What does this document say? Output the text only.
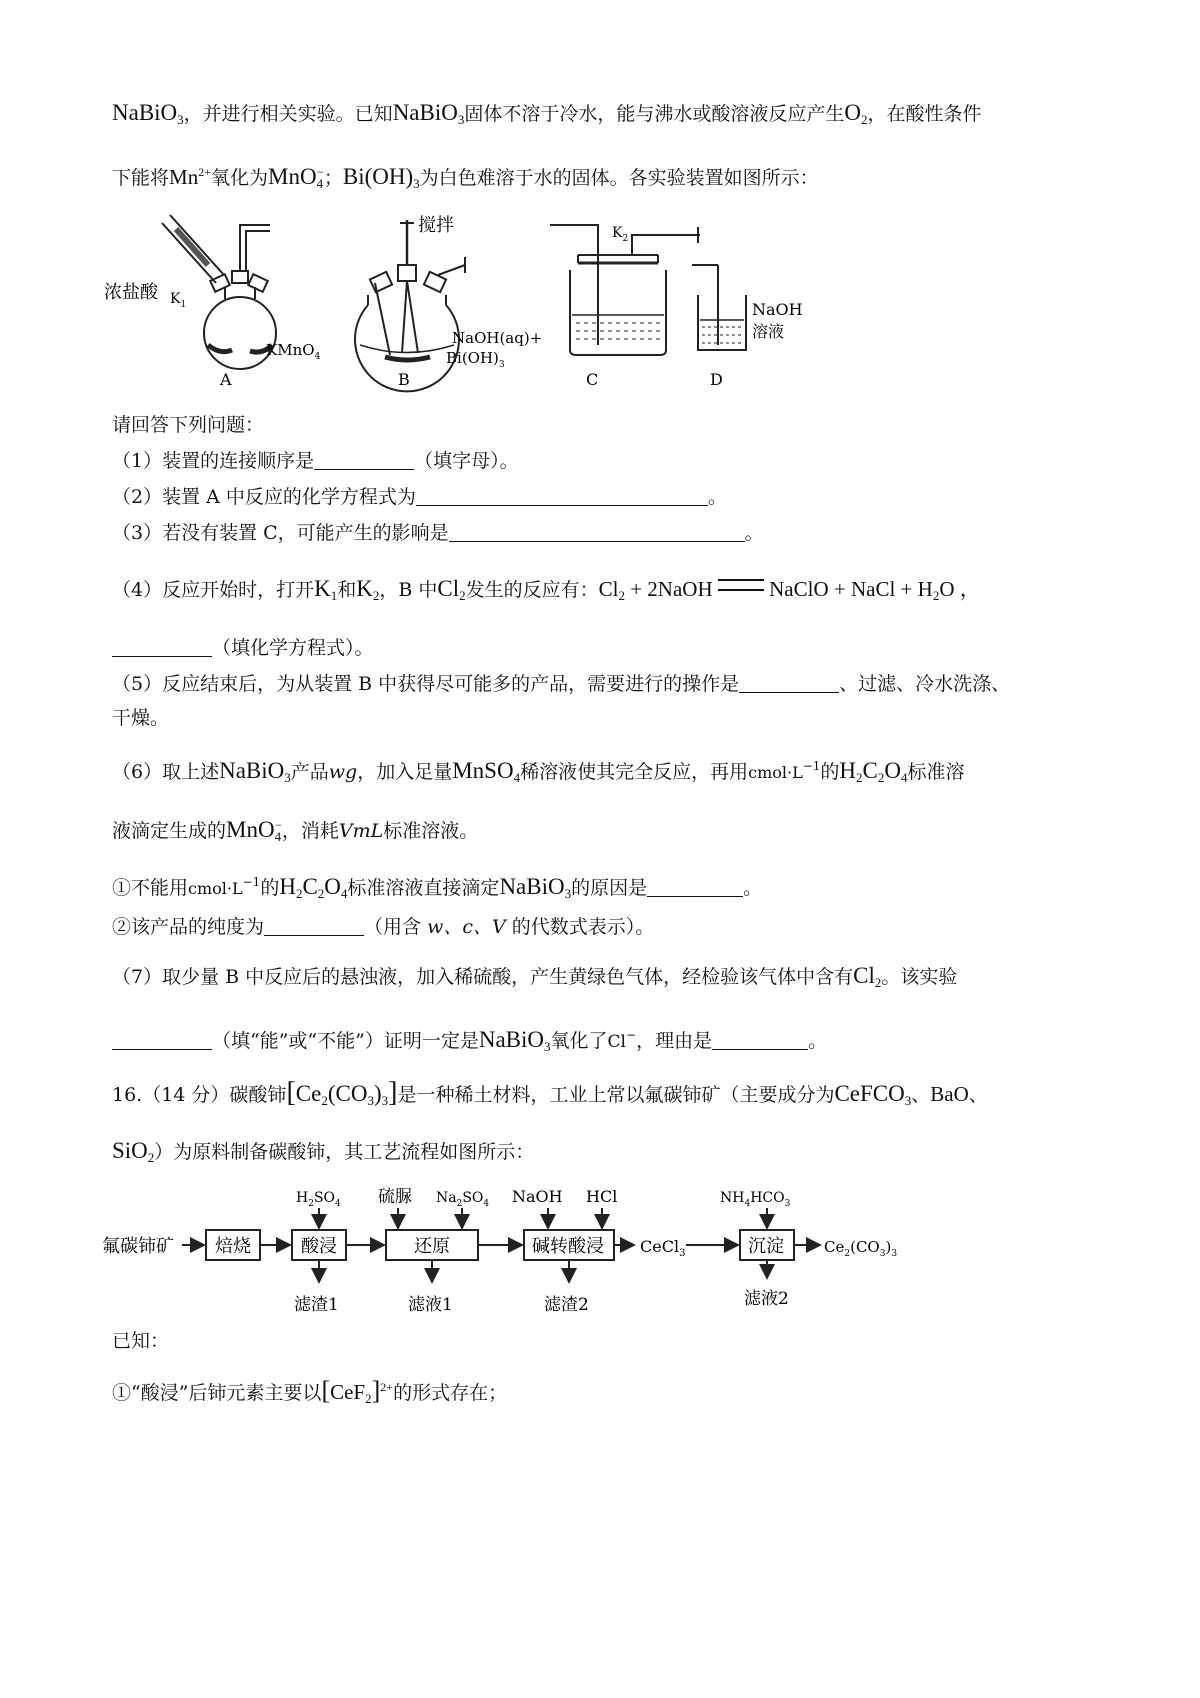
NaBiO$_3$，并进行相关实验。已知NaBiO$_3$固体不溶于冷水，能与沸水或酸溶液反应产生$O_2$，在酸性条件
下能将$Mn^{2+}$氧化为MnO$_4$−；$Bi(OH)_3$为白色难溶于水的固体。各实验装置如图所示：
浓盐酸 $K_1$
KMnO$_4$
A
搅拌
NaOH(aq)+
$Bi(OH)_3$
B
$K_2$
C
NaOH
溶液
D
请回答下列问题：
（1）装置的连接顺序是	（填字母）。
（2）装置 A 中反应的化学方程式为	。
（3）若没有装置 C，可能产生的影响是	。
（4）反应开始时，打开$K_1$和$K_2$，B 中$Cl_2$发生的反应有：$Cl_2$ + 2NaOH  NaClO + NaCl + $H_2O$ ，
（填化学方程式）。
（5）反应结束后，为从装置 B 中获得尽可能多的产品，需要进行的操作是	、过滤、冷水洗涤、
干燥。
（6）取上述NaBiO$_3$产品wg，加入足量MnSO$_4$稀溶液使其完全反应，再用$cmol\cdot L^{-1}$的$H_2C_2O_4$标准溶
液滴定生成的MnO$_4$−，消耗VmL标准溶液。
①不能用$cmol\cdot L^{-1}$的$H_2C_2O_4$标准溶液直接滴定NaBiO$_3$的原因是	。
②该产品的纯度为	（用含 w、c、V 的代数式表示）。
（7）取少量 B 中反应后的悬浊液，加入稀硫酸，产生黄绿色气体，经检验该气体中含有$Cl_2$。该实验
（填“能”或“不能”）证明一定是NaBiO$_3$氧化了Cl−，理由是	。
16.（14 分）碳酸铈$[Ce_2(CO_3)_3]$是一种稀土材料，工业上常以氟碳铈矿（主要成分为CeFCO$_3$、BaO、
SiO$_2$）为原料制备碳酸铈，其工艺流程如图所示：
氟碳铈矿 焙烧	酸浸	还原	碱转酸浸 CeCl$_3$	沉淀	$Ce_2(CO_3)_3$
$H_2SO_4$ 硫脲 $Na_2SO_4$ NaOH HCl	$NH_4HCO_3$
滤渣1	滤液1	滤渣2	滤液2
已知：
①“酸浸”后铈元素主要以$[CeF_2]^{2+}$的形式存在；
